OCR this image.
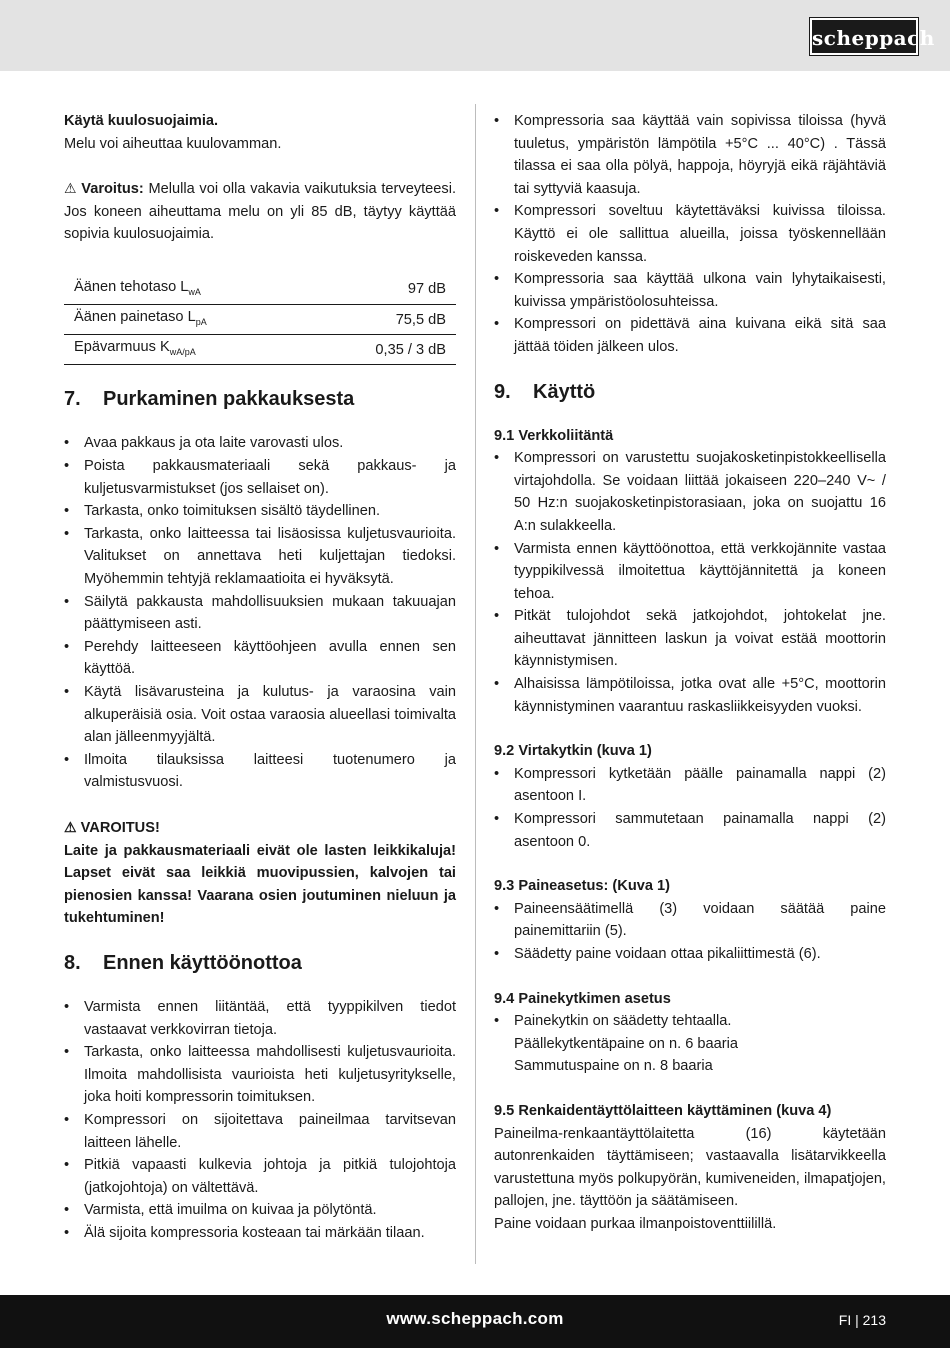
scheppach
Käytä kuulosuojaimia.
Melu voi aiheuttaa kuulovamman.
⚠ Varoitus: Melulla voi olla vakavia vaikutuksia terveyteesi. Jos koneen aiheuttama melu on yli 85 dB, täytyy käyttää sopivia kuulosuojaimia.
Äänen tehotaso $L_{wA}$	97 dB
Äänen painetaso $L_{pA}$	75,5 dB
Epävarmuus $K_{wA/pA}$	0,35 / 3 dB
7.	Purkaminen pakkauksesta
• Avaa pakkaus ja ota laite varovasti ulos.
• Poista pakkausmateriaali sekä pakkaus- ja kuljetusvarmistukset (jos sellaiset on).
• Tarkasta, onko toimituksen sisältö täydellinen.
• Tarkasta, onko laitteessa tai lisäosissa kuljetusvaurioita. Valitukset on annettava heti kuljettajan tiedoksi. Myöhemmin tehtyjä reklamaatioita ei hyväksytä.
• Säilytä pakkausta mahdollisuuksien mukaan takuuajan päättymiseen asti.
• Perehdy laitteeseen käyttöohjeen avulla ennen sen käyttöä.
• Käytä lisävarusteina ja kulutus- ja varaosina vain alkuperäisiä osia. Voit ostaa varaosia alueellasi toimivalta alan jälleenmyyjältä.
• Ilmoita tilauksissa laitteesi tuotenumero ja valmistusvuosi.
⚠ VAROITUS!
Laite ja pakkausmateriaali eivät ole lasten leikkikaluja! Lapset eivät saa leikkiä muovipussien, kalvojen tai pienosien kanssa! Vaarana osien joutuminen nieluun ja tukehtuminen!
8.	Ennen käyttöönottoa
• Varmista ennen liitäntää, että tyyppikilven tiedot vastaavat verkkovirran tietoja.
• Tarkasta, onko laitteessa mahdollisesti kuljetusvaurioita. Ilmoita mahdollisista vaurioista heti kuljetusyritykselle, joka hoiti kompressorin toimituksen.
• Kompressori on sijoitettava paineilmaa tarvitsevan laitteen lähelle.
• Pitkiä vapaasti kulkevia johtoja ja pitkiä tulojohtoja (jatkojohtoja) on vältettävä.
• Varmista, että imuilma on kuivaa ja pölytöntä.
• Älä sijoita kompressoria kosteaan tai märkään tilaan.
• Kompressoria saa käyttää vain sopivissa tiloissa (hyvä tuuletus, ympäristön lämpötila +5°C ... 40°C) . Tässä tilassa ei saa olla pölyä, happoja, höyryjä eikä räjähtäviä tai syttyviä kaasuja.
• Kompressori soveltuu käytettäväksi kuivissa tiloissa. Käyttö ei ole sallittua alueilla, joissa työskennellään roiskeveden kanssa.
• Kompressoria saa käyttää ulkona vain lyhytaikaisesti, kuivissa ympäristöolosuhteissa.
• Kompressori on pidettävä aina kuivana eikä sitä saa jättää töiden jälkeen ulos.
9.	Käyttö
9.1 Verkkoliitäntä
• Kompressori on varustettu suojakosketinpistokkeellisella virtajohdolla. Se voidaan liittää jokaiseen 220–240 V~ / 50 Hz:n suojakosketinpistorasiaan, joka on suojattu 16 A:n sulakkeella.
• Varmista ennen käyttöönottoa, että verkkojännite vastaa tyyppikilvessä ilmoitettua käyttöjännitettä ja koneen tehoa.
• Pitkät tulojohdot sekä jatkojohdot, johtokelat jne. aiheuttavat jännitteen laskun ja voivat estää moottorin käynnistymisen.
• Alhaisissa lämpötiloissa, jotka ovat alle +5°C, moottorin käynnistyminen vaarantuu raskasliikkeisyyden vuoksi.
9.2 Virtakytkin (kuva 1)
• Kompressori kytketään päälle painamalla nappi (2) asentoon I.
• Kompressori sammutetaan painamalla nappi (2) asentoon 0.
9.3 Paineasetus: (Kuva 1)
• Paineensäätimellä (3) voidaan säätää paine painemittariin (5).
• Säädetty paine voidaan ottaa pikaliittimestä (6).
9.4 Painekytkimen asetus
• Painekytkin on säädetty tehtaalla.
Päällekytkentäpaine on n. 6 baaria
Sammutuspaine on n. 8 baaria
9.5 Renkaidentäyttölaitteen käyttäminen (kuva 4)
Paineilma-renkaantäyttölaitetta (16) käytetään autonrenkaiden täyttämiseen; vastaavalla lisätarvikkeella varustettuna myös polkupyörän, kumiveneiden, ilmapatjojen, pallojen, jne. täyttöön ja säätämiseen.
Paine voidaan purkaa ilmanpoistoventtiilillä.
www.scheppach.com	FI | 213
